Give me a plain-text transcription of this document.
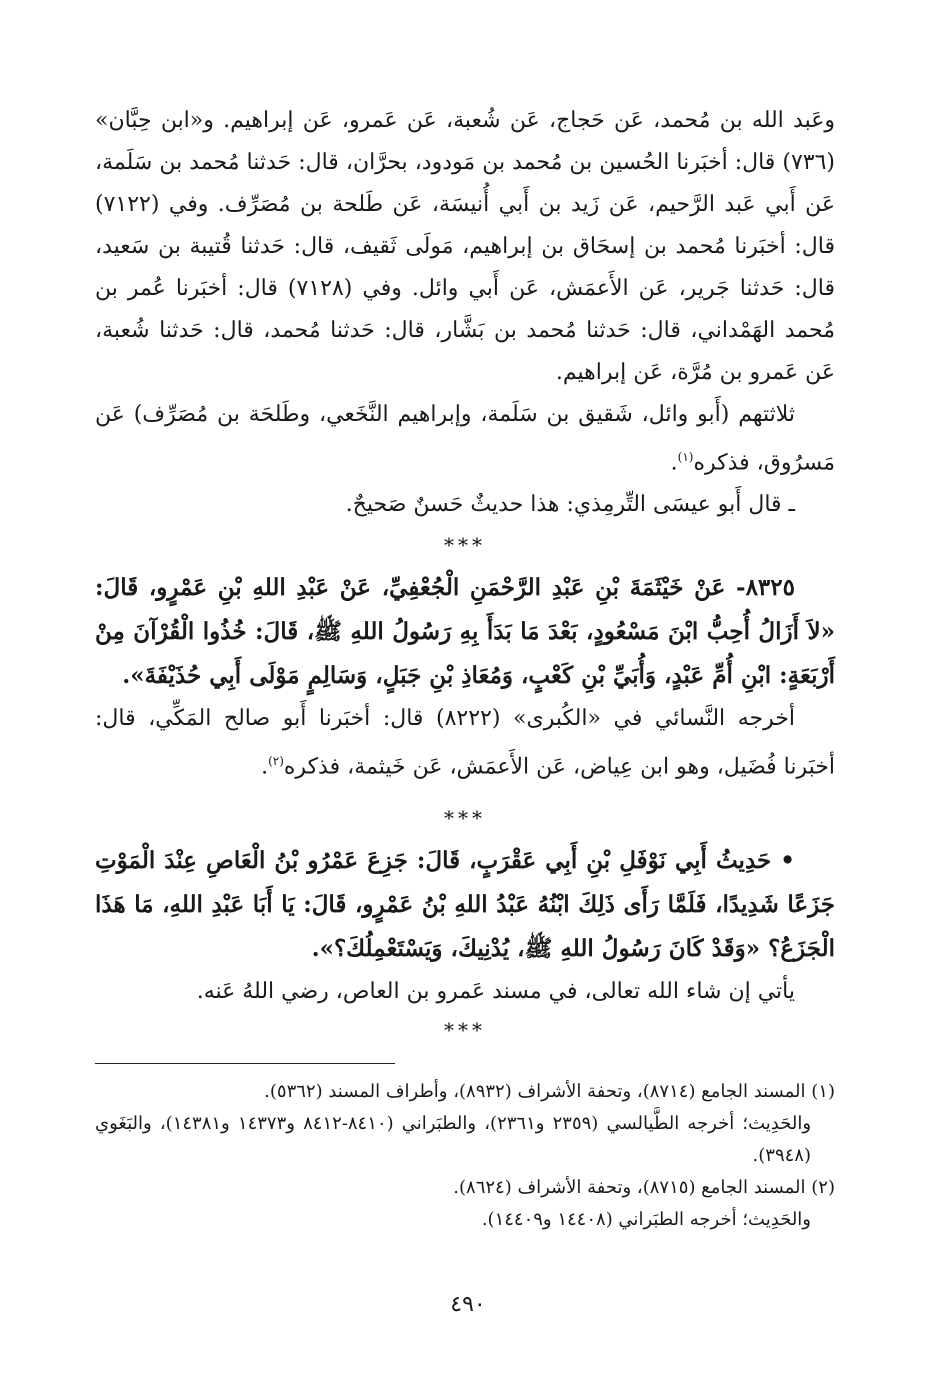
وعَبد الله بن مُحمد، عَن حَجاج، عَن شُعبة، عَن عَمرو، عَن إبراهيم. و«ابن حِبَّان» (٧٣٦) قال: أخبَرنا الحُسين بن مُحمد بن مَودود، بحرَّان، قال: حَدثنا مُحمد بن سَلَمة، عَن أَبي عَبد الرَّحيم، عَن زَيد بن أَبي أُنيسَة، عَن طَلحة بن مُصَرِّف. وفي (٧١٢٢) قال: أخبَرنا مُحمد بن إسحَاق بن إبراهيم، مَولَى ثَقيف، قال: حَدثنا قُتيبة بن سَعيد، قال: حَدثنا جَرير، عَن الأَعمَش، عَن أَبي وائل. وفي (٧١٢٨) قال: أخبَرنا عُمر بن مُحمد الهَمْداني، قال: حَدثنا مُحمد بن بَشَّار، قال: حَدثنا مُحمد، قال: حَدثنا شُعبة، عَن عَمرو بن مُرَّة، عَن إبراهيم.

ثلاثتهم (أَبو وائل، شَقيق بن سَلَمة، وإبراهيم النَّخَعي، وطَلحَة بن مُصَرِّف) عَن مَسرُوق، فذكره$^{(١)}$.

ـ قال أَبو عيسَى التِّرمِذي: هذا حديثٌ حَسنٌ صَحيحٌ.

***

٨٣٢٥- عَنْ خَيْثَمَةَ بْنِ عَبْدِ الرَّحْمَنِ الْجُعْفِيِّ، عَنْ عَبْدِ اللهِ بْنِ عَمْرٍو، قَالَ: «لاَ أَزَالُ أُحِبُّ ابْنَ مَسْعُودٍ، بَعْدَ مَا بَدَأَ بِهِ رَسُولُ اللهِ ﷺ، قَالَ: خُذُوا الْقُرْآنَ مِنْ أَرْبَعَةٍ: ابْنِ أُمِّ عَبْدٍ، وَأُبَيِّ بْنِ كَعْبٍ، وَمُعَاذِ بْنِ جَبَلٍ، وَسَالِمٍ مَوْلَى أَبِي حُذَيْفَةَ».

أخرجه النَّسائي في «الكُبرى» (٨٢٢٢) قال: أخبَرنا أَبو صالح المَكِّي، قال: أخبَرنا فُضَيل، وهو ابن عِياض، عَن الأَعمَش، عَن خَيثمة، فذكره$^{(٢)}$.

***

• حَدِيثُ أَبِي نَوْفَلِ بْنِ أَبِي عَقْرَبٍ، قَالَ: جَزِعَ عَمْرُو بْنُ الْعَاصِ عِنْدَ الْمَوْتِ جَزَعًا شَدِيدًا، فَلَمَّا رَأَى ذَلِكَ ابْنُهُ عَبْدُ اللهِ بْنُ عَمْرٍو، قَالَ: يَا أَبَا عَبْدِ اللهِ، مَا هَذَا الْجَزَعُ؟ «وَقَدْ كَانَ رَسُولُ اللهِ ﷺ، يُدْنِيكَ، وَيَسْتَعْمِلُكَ؟».

يأتي إن شاء الله تعالى، في مسند عَمرو بن العاص، رضي اللهُ عَنه.

***

(١) المسند الجامع (٨٧١٤)، وتحفة الأشراف (٨٩٣٢)، وأطراف المسند (٥٣٦٢).

والحَدِيث؛ أخرجه الطَّيالسي (٢٣٥٩ و٢٣٦١)، والطبَراني (٨٤١٠-٨٤١٢ و١٤٣٧٣ و١٤٣٨١)، والبَغَوي (٣٩٤٨).

(٢) المسند الجامع (٨٧١٥)، وتحفة الأشراف (٨٦٢٤).

والحَدِيث؛ أخرجه الطبَراني (١٤٤٠٨ و١٤٤٠٩).

٤٩٠
